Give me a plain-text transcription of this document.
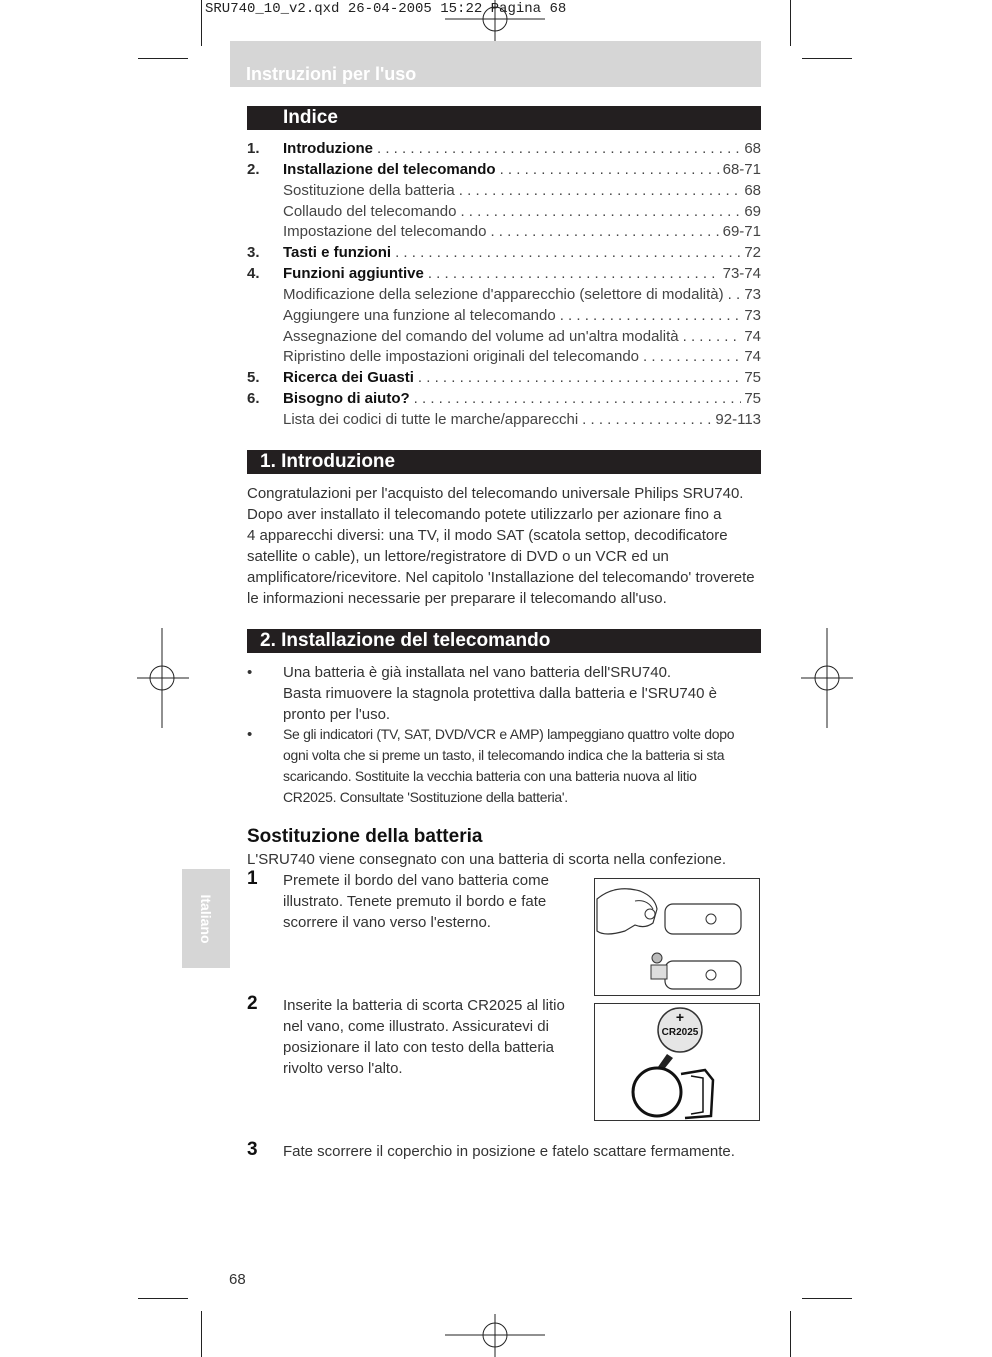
SRU740_10_v2.qxd 26-04-2005 15:22 Pagina 68
Instruzioni per l'uso
Italiano
Indice
1. Introduzione . . .	68
2. Installazione del telecomando . . .	68-71
Sostituzione della batteria . . .	68
Collaudo del telecomando . . .	69
Impostazione del telecomando . . .	69-71
3. Tasti e funzioni . . .	72
4. Funzioni aggiuntive . . .	73-74
Modificazione della selezione d'apparecchio (selettore di modalità) . . . 73
Aggiungere una funzione al telecomando . . .	73
Assegnazione del comando del volume ad un'altra modalità . . .	74
Ripristino delle impostazioni originali del telecomando . . .	74
5. Ricerca dei Guasti . . .	75
6. Bisogno di aiuto? . . .	75
Lista dei codici di tutte le marche/apparecchi . . .	92-113
1. Introduzione
Congratulazioni per l'acquisto del telecomando universale Philips SRU740.
Dopo aver installato il telecomando potete utilizzarlo per azionare fino a
4 apparecchi diversi: una TV, il modo SAT (scatola settop, decodificatore
satellite o cable), un lettore/registratore di DVD o un VCR ed un
amplificatore/ricevitore. Nel capitolo 'Installazione del telecomando' troverete
le informazioni necessarie per preparare il telecomando all'uso.
2. Installazione del telecomando
• Una batteria è già installata nel vano batteria dell'SRU740.
Basta rimuovere la stagnola protettiva dalla batteria e l'SRU740 è
pronto per l'uso.
• Se gli indicatori (TV, SAT, DVD/VCR e AMP) lampeggiano quattro volte dopo
ogni volta che si preme un tasto, il telecomando indica che la batteria si sta
scaricando. Sostituite la vecchia batteria con una batteria nuova al litio
CR2025. Consultate 'Sostituzione della batteria'.
Sostituzione della batteria
L'SRU740 viene consegnato con una batteria di scorta nella confezione.
1 Premete il bordo del vano batteria come
illustrato. Tenete premuto il bordo e fate
scorrere il vano verso l'esterno.
2 Inserite la batteria di scorta CR2025 al litio
nel vano, come illustrato. Assicuratevi di
posizionare il lato con testo della batteria
rivolto verso l'alto.
+
CR2025
3 Fate scorrere il coperchio in posizione e fatelo scattare fermamente.
68
